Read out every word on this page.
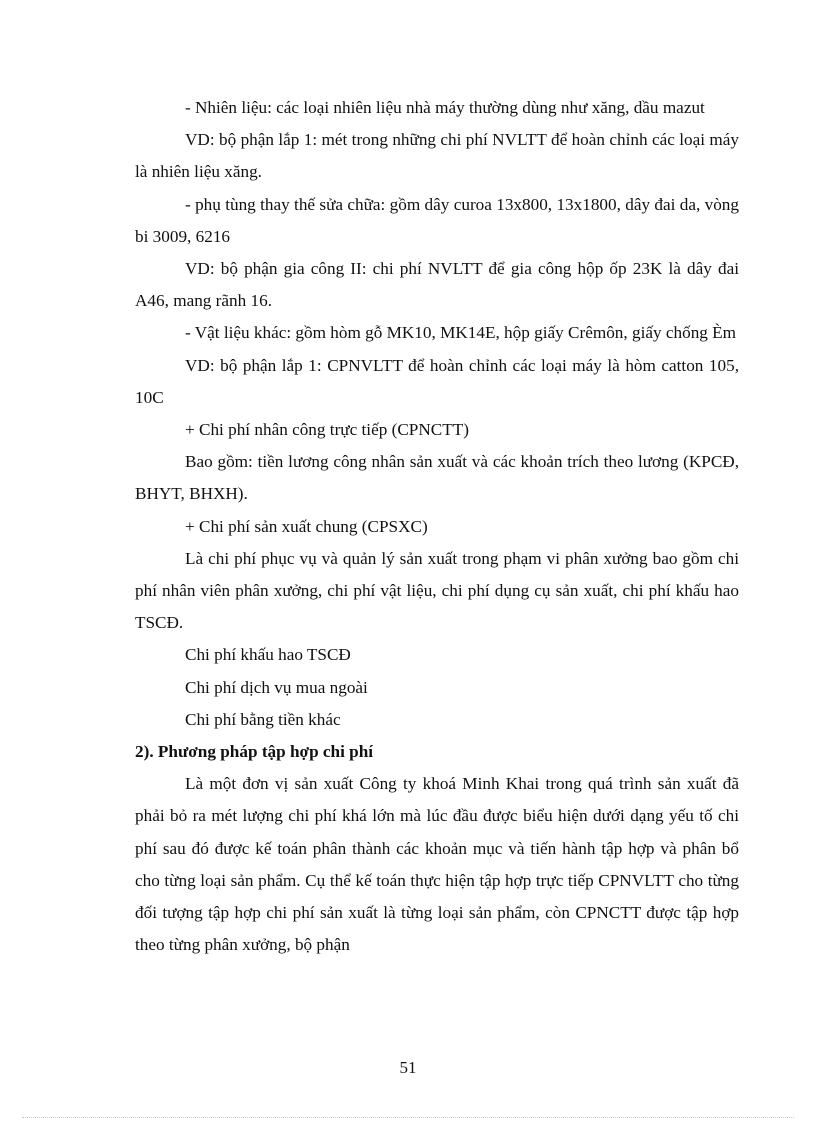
- Nhiên liệu: các loại nhiên liệu nhà máy thường dùng như xăng, dầu mazut

VD: bộ phận lắp 1: mét trong những chi phí NVLTT để hoàn chỉnh các loại máy là nhiên liệu xăng.

- phụ tùng thay thế sửa chữa: gồm dây curoa 13x800, 13x1800, dây đai da, vòng bi 3009, 6216

VD: bộ phận gia công II: chi phí NVLTT để gia công hộp ốp 23K là dây đai A46, mang rãnh 16.

- Vật liệu khác: gồm hòm gỗ MK10, MK14E, hộp giấy Crêmôn, giấy chống Èm

VD: bộ phận lắp 1: CPNVLTT để hoàn chỉnh các loại máy là hòm catton 105, 10C

+ Chi phí nhân công trực tiếp (CPNCTT)

Bao gồm: tiền lương công nhân sản xuất và các khoản trích theo lương (KPCĐ, BHYT, BHXH).

+ Chi phí sản xuất chung (CPSXC)

Là chi phí phục vụ và quản lý sản xuất trong phạm vi phân xưởng bao gồm chi phí nhân viên phân xưởng, chi phí vật liệu, chi phí dụng cụ sản xuất, chi phí khấu hao TSCĐ.

Chi phí khấu hao TSCĐ

Chi phí dịch vụ mua ngoài

Chi phí bằng tiền khác

2). Phương pháp tập hợp chi phí

Là một đơn vị sản xuất Công ty khoá Minh Khai trong quá trình sản xuất đã phải bỏ ra mét lượng chi phí khá lớn mà lúc đầu được biểu hiện dưới dạng yếu tố chi phí sau đó được kế toán phân thành các khoản mục và tiến hành tập hợp và phân bổ cho từng loại sản phẩm. Cụ thể kế toán thực hiện tập hợp trực tiếp CPNVLTT cho từng đối tượng tập hợp chi phí sản xuất là từng loại sản phẩm, còn CPNCTT được tập hợp theo từng phân xưởng, bộ phận

51
